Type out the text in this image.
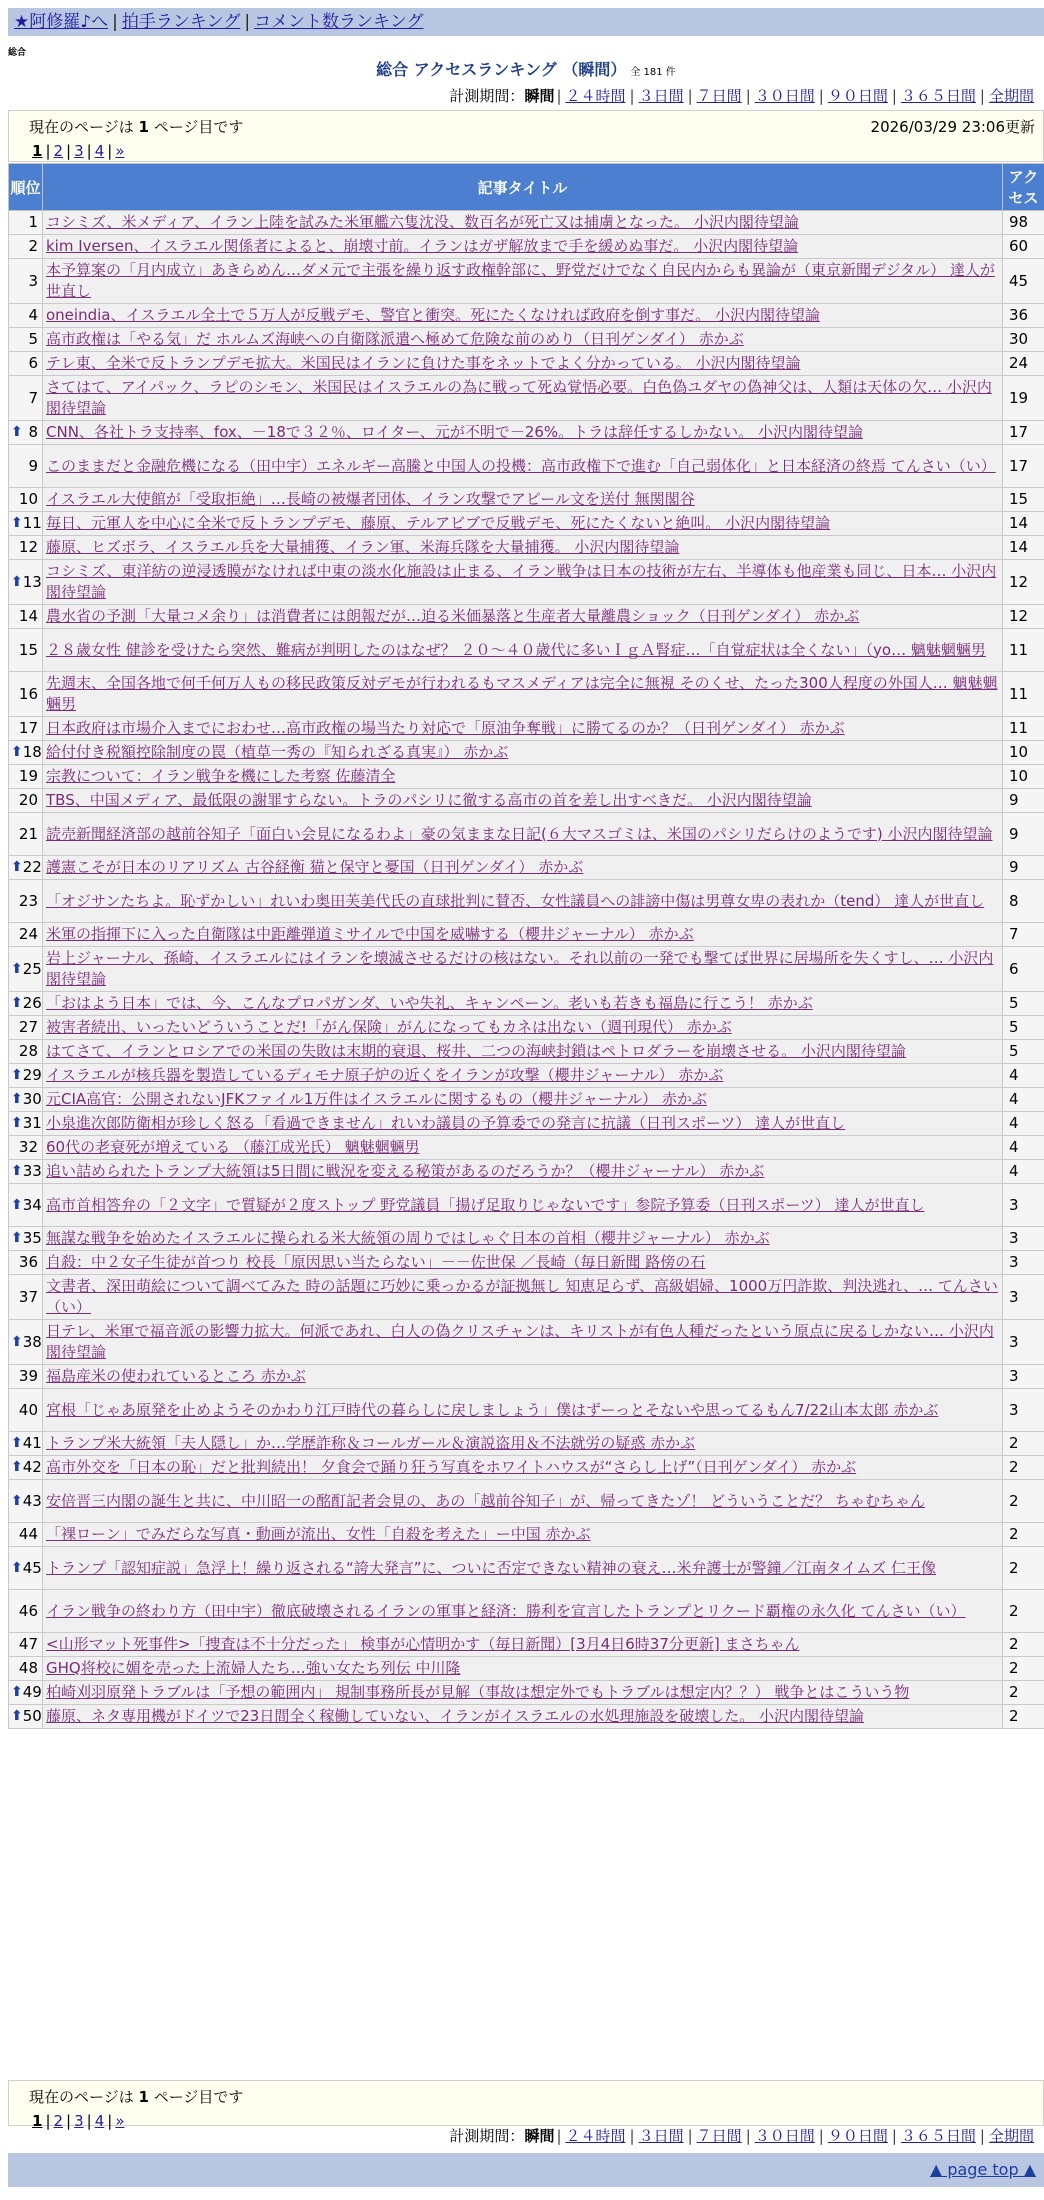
★阿修羅♪へ | 拍手ランキング | コメント数ランキング
総合
総合 アクセスランキング （瞬間） 全 181 件
計測期間：瞬間 | ２４時間 | ３日間 | ７日間 | ３０日間 | ９０日間 | ３６５日間 | 全期間
現在のページは 1 ページ目です	2026/03/29 23:06更新
1 | 2 | 3 | 4 | »
順位	記事タイトル	アクセス
1	コシミズ、米メディア、イラン上陸を試みた米軍艦六隻沈没、数百名が死亡又は捕虜となった。 小沢内閣待望論	98
2	kim Iversen、イスラエル関係者によると、崩壊寸前。イランはガザ解放まで手を緩めぬ事だ。 小沢内閣待望論	60
3	本予算案の「月内成立」あきらめん…ダメ元で主張を繰り返す政権幹部に、野党だけでなく自民内からも異論が（東京新聞デジタル） 達人が世直し	45
4	oneindia、イスラエル全土で５万人が反戦デモ、警官と衝突。死にたくなければ政府を倒す事だ。 小沢内閣待望論	36
5	高市政権は「やる気」だ ホルムズ海峡への自衛隊派遣へ極めて危険な前のめり（日刊ゲンダイ） 赤かぶ	30
6	テレ東、全米で反トランプデモ拡大。米国民はイランに負けた事をネットでよく分かっている。 小沢内閣待望論	24
7	さてはて、アイパック、ラピのシモン、米国民はイスラエルの為に戦って死ぬ覚悟必要。白色偽ユダヤの偽神父は、人類は天体の欠… 小沢内閣待望論	19

⬆ 8	CNN、各社トラ支持率、fox、－18で３２％、ロイター、元が不明で－26%。トラは辞任するしかない。 小沢内閣待望論	17
9	このままだと金融危機になる（田中宇）エネルギー高騰と中国人の投機：高市政権下で進む「自己弱体化」と日本経済の終焉 てんさい（い）	17
10	イスラエル大使館が「受取拒絶」…長崎の被爆者団体、イラン攻撃でアピール文を送付 無関閣谷	15

⬆ 11	毎日、元軍人を中心に全米で反トランプデモ、藤原、テルアビブで反戦デモ、死にたくないと絶叫。 小沢内閣待望論	14
12	藤原、ヒズボラ、イスラエル兵を大量捕獲、イラン軍、米海兵隊を大量捕獲。 小沢内閣待望論	14

⬆ 13	コシミズ、東洋紡の逆浸透膜がなければ中東の淡水化施設は止まる、イラン戦争は日本の技術が左右、半導体も他産業も同じ、日本… 小沢内閣待望論	12
14	農水省の予測「大量コメ余り」は消費者には朗報だが…迫る米価暴落と生産者大量離農ショック（日刊ゲンダイ） 赤かぶ	12
15	２８歳女性 健診を受けたら突然、難病が判明したのはなぜ？ ２０～４０歳代に多いＩｇＡ腎症…「自覚症状は全くない」（yo… 魑魅魍魎男	11
16	先週末、全国各地で何千何万人もの移民政策反対デモが行われるもマスメディアは完全に無視 そのくせ、たった300人程度の外国人… 魑魅魍魎男	11
17	日本政府は市場介入までにおわせ…高市政権の場当たり対応で「原油争奪戦」に勝てるのか？（日刊ゲンダイ） 赤かぶ	11

⬆ 18	給付付き税額控除制度の罠（植草一秀の『知られざる真実』） 赤かぶ	10
19	宗教について：イラン戦争を機にした考察 佐藤清全	10
20	TBS、中国メディア、最低限の謝罪すらない。トラのパシリに徹する高市の首を差し出すべきだ。 小沢内閣待望論	9
21	読売新聞経済部の越前谷知子「面白い会見になるわよ」豪の気ままな日記(６大マスゴミは、米国のパシリだらけのようです) 小沢内閣待望論	9

⬆ 22	護憲こそが日本のリアリズム 古谷経衡 猫と保守と憂国（日刊ゲンダイ） 赤かぶ	9
23	「オジサンたちよ。恥ずかしい」れいわ奥田芙美代氏の直球批判に賛否、女性議員への誹謗中傷は男尊女卑の表れか（tend） 達人が世直し	8
24	米軍の指揮下に入った自衛隊は中距離弾道ミサイルで中国を威嚇する（櫻井ジャーナル） 赤かぶ	7

⬆ 25	岩上ジャーナル、孫崎、イスラエルにはイランを壊滅させるだけの核はない。それ以前の一発でも撃てば世界に居場所を失くすし、… 小沢内閣待望論	6

⬆ 26	「おはよう日本」では、今、こんなプロパガンダ、いや失礼、キャンペーン。老いも若きも福島に行こう！ 赤かぶ	5
27	被害者続出、いったいどういうことだ!「がん保険」がんになってもカネは出ない（週刊現代） 赤かぶ	5
28	はてさて、イランとロシアでの米国の失敗は末期的衰退、桜井、二つの海峡封鎖はペトロダラーを崩壊させる。 小沢内閣待望論	5

⬆ 29	イスラエルが核兵器を製造しているディモナ原子炉の近くをイランが攻撃（櫻井ジャーナル） 赤かぶ	4

⬆ 30	元CIA高官：公開されないJFKファイル1万件はイスラエルに関するもの（櫻井ジャーナル） 赤かぶ	4

⬆ 31	小泉進次郎防衛相が珍しく怒る「看過できません」れいわ議員の予算委での発言に抗議（日刊スポーツ） 達人が世直し	4
32	60代の老衰死が増えている （藤江成光氏） 魑魅魍魎男	4

⬆ 33	追い詰められたトランプ大統領は5日間に戦況を変える秘策があるのだろうか？（櫻井ジャーナル） 赤かぶ	4

⬆ 34	高市首相答弁の「２文字」で質疑が２度ストップ 野党議員「揚げ足取りじゃないです」参院予算委（日刊スポーツ） 達人が世直し	3

⬆ 35	無謀な戦争を始めたイスラエルに操られる米大統領の周りではしゃぐ日本の首相（櫻井ジャーナル） 赤かぶ	3
36	自殺：中２女子生徒が首つり 校長「原因思い当たらない」－－佐世保 ／長崎（毎日新聞 路傍の石	3
37	文書者、深田萌絵について調べてみた 時の話題に巧妙に乗っかるが証拠無し 知恵足らず、高級娼婦、1000万円詐欺、判決逃れ、… てんさい（い）	3

⬆ 38	日テレ、米軍で福音派の影響力拡大。何派であれ、白人の偽クリスチャンは、キリストが有色人種だったという原点に戻るしかない… 小沢内閣待望論	3
39	福島産米の使われているところ 赤かぶ	3
40	宮根「じゃあ原発を止めようそのかわり江戸時代の暮らしに戻しましょう」僕はずーっとそないや思ってるもん7/22山本太郎 赤かぶ	3

⬆ 41	トランプ米大統領「夫人隠し」か…学歴詐称＆コールガール＆演説盗用＆不法就労の疑惑 赤かぶ	2

⬆ 42	高市外交を「日本の恥」だと批判続出！ 夕食会で踊り狂う写真をホワイトハウスが“さらし上げ”（日刊ゲンダイ） 赤かぶ	2

⬆ 43	安倍晋三内閣の誕生と共に、中川昭一の酩酊記者会見の、あの「越前谷知子」が、帰ってきたゾ！ どういうことだ？ ちゃむちゃん	2
44	「裸ローン」でみだらな写真・動画が流出、女性「自殺を考えた」ー中国 赤かぶ	2

⬆ 45	トランプ「認知症説」急浮上！繰り返される“誇大発言”に、ついに否定できない精神の衰え…米弁護士が警鐘／江南タイムズ 仁王像	2
46	イラン戦争の終わり方（田中宇）徹底破壊されるイランの軍事と経済：勝利を宣言したトランプとリクード覇権の永久化 てんさい（い）	2
47	<山形マット死事件>「捜査は不十分だった」 検事が心情明かす（毎日新聞）[3月4日6時37分更新] まさちゃん	2
48	GHQ将校に媚を売った上流婦人たち…強い女たち列伝 中川隆	2

⬆ 49	柏崎刈羽原発トラブルは「予想の範囲内」 規制事務所長が見解（事故は想定外でもトラブルは想定内？？） 戦争とはこういう物	2

⬆ 50	藤原、ネタ専用機がドイツで23日間全く稼働していない、イランがイスラエルの水処理施設を破壊した。 小沢内閣待望論	2
現在のページは 1 ページ目です
1 | 2 | 3 | 4 | »
計測期間：瞬間 | ２４時間 | ３日間 | ７日間 | ３０日間 | ９０日間 | ３６５日間 | 全期間
▲ page top ▲
